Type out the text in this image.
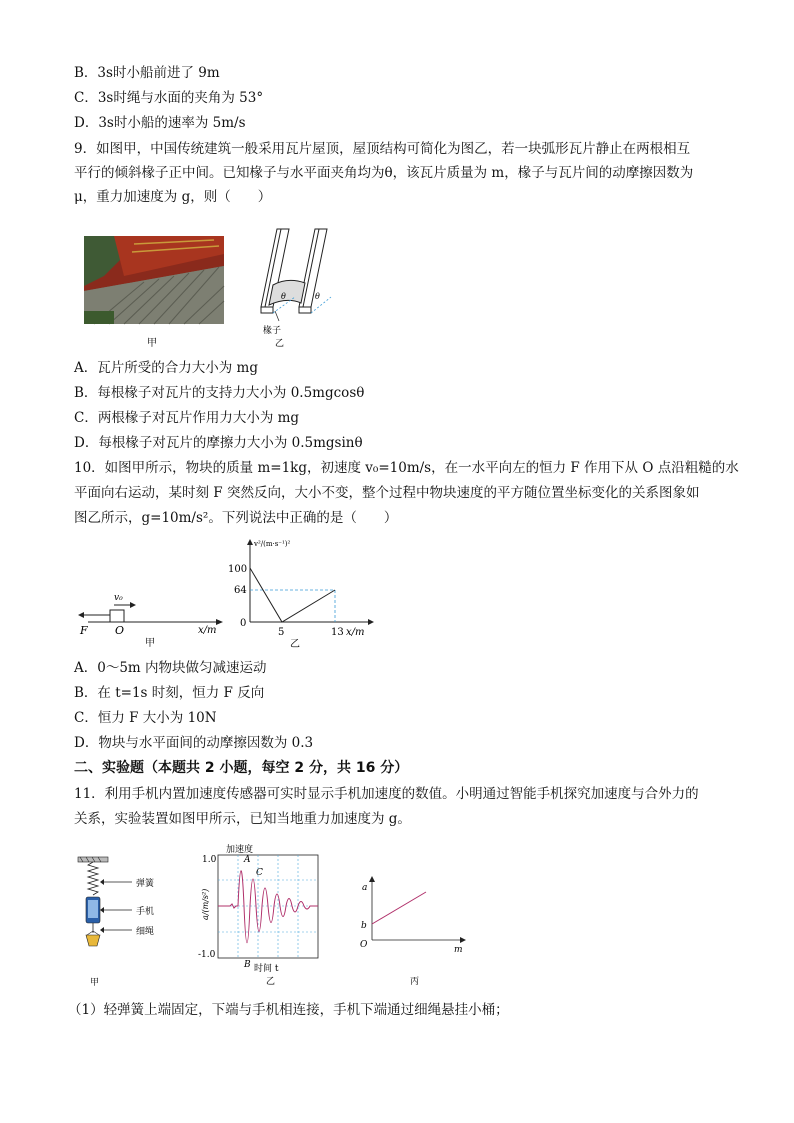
B．3s时小船前进了 9m
C．3s时绳与水面的夹角为 53°
D．3s时小船的速率为 5m/s
9．如图甲，中国传统建筑一般采用瓦片屋顶，屋顶结构可简化为图乙，若一块弧形瓦片静止在两根相互
平行的倾斜椽子正中间。已知椽子与水平面夹角均为θ，该瓦片质量为 m，椽子与瓦片间的动摩擦因数为
μ，重力加速度为 g，则（　　）
甲
θ	θ
椽子
乙
A．瓦片所受的合力大小为 mg
B．每根椽子对瓦片的支持力大小为 0.5mgcosθ
C．两根椽子对瓦片作用力大小为 mg
D．每根椽子对瓦片的摩擦力大小为 0.5mgsinθ
10．如图甲所示，物块的质量 m=1kg，初速度 v₀=10m/s，在一水平向左的恒力 F 作用下从 O 点沿粗糙的水
平面向右运动，某时刻 F 突然反向，大小不变，整个过程中物块速度的平方随位置坐标变化的关系图象如
图乙所示，g=10m/s²。下列说法中正确的是（　　）
v₀
F O	x/m
甲
v²/(m·s⁻¹)²
100
64
0
5	13 x/m
乙
A．0～5m 内物块做匀减速运动
B．在 t=1s 时刻，恒力 F 反向
C．恒力 F 大小为 10N
D．物块与水平面间的动摩擦因数为 0.3
二、实验题（本题共 2 小题，每空 2 分，共 16 分）
11．利用手机内置加速度传感器可实时显示手机加速度的数值。小明通过智能手机探究加速度与合外力的
关系，实验装置如图甲所示，已知当地重力加速度为 g。
弹簧
手机
细绳
甲
加速度
1.0
-1.0
a/(m/s²)
A
C
B 时间 t
乙
a
b
O	m
丙
（1）轻弹簧上端固定，下端与手机相连接，手机下端通过细绳悬挂小桶；
